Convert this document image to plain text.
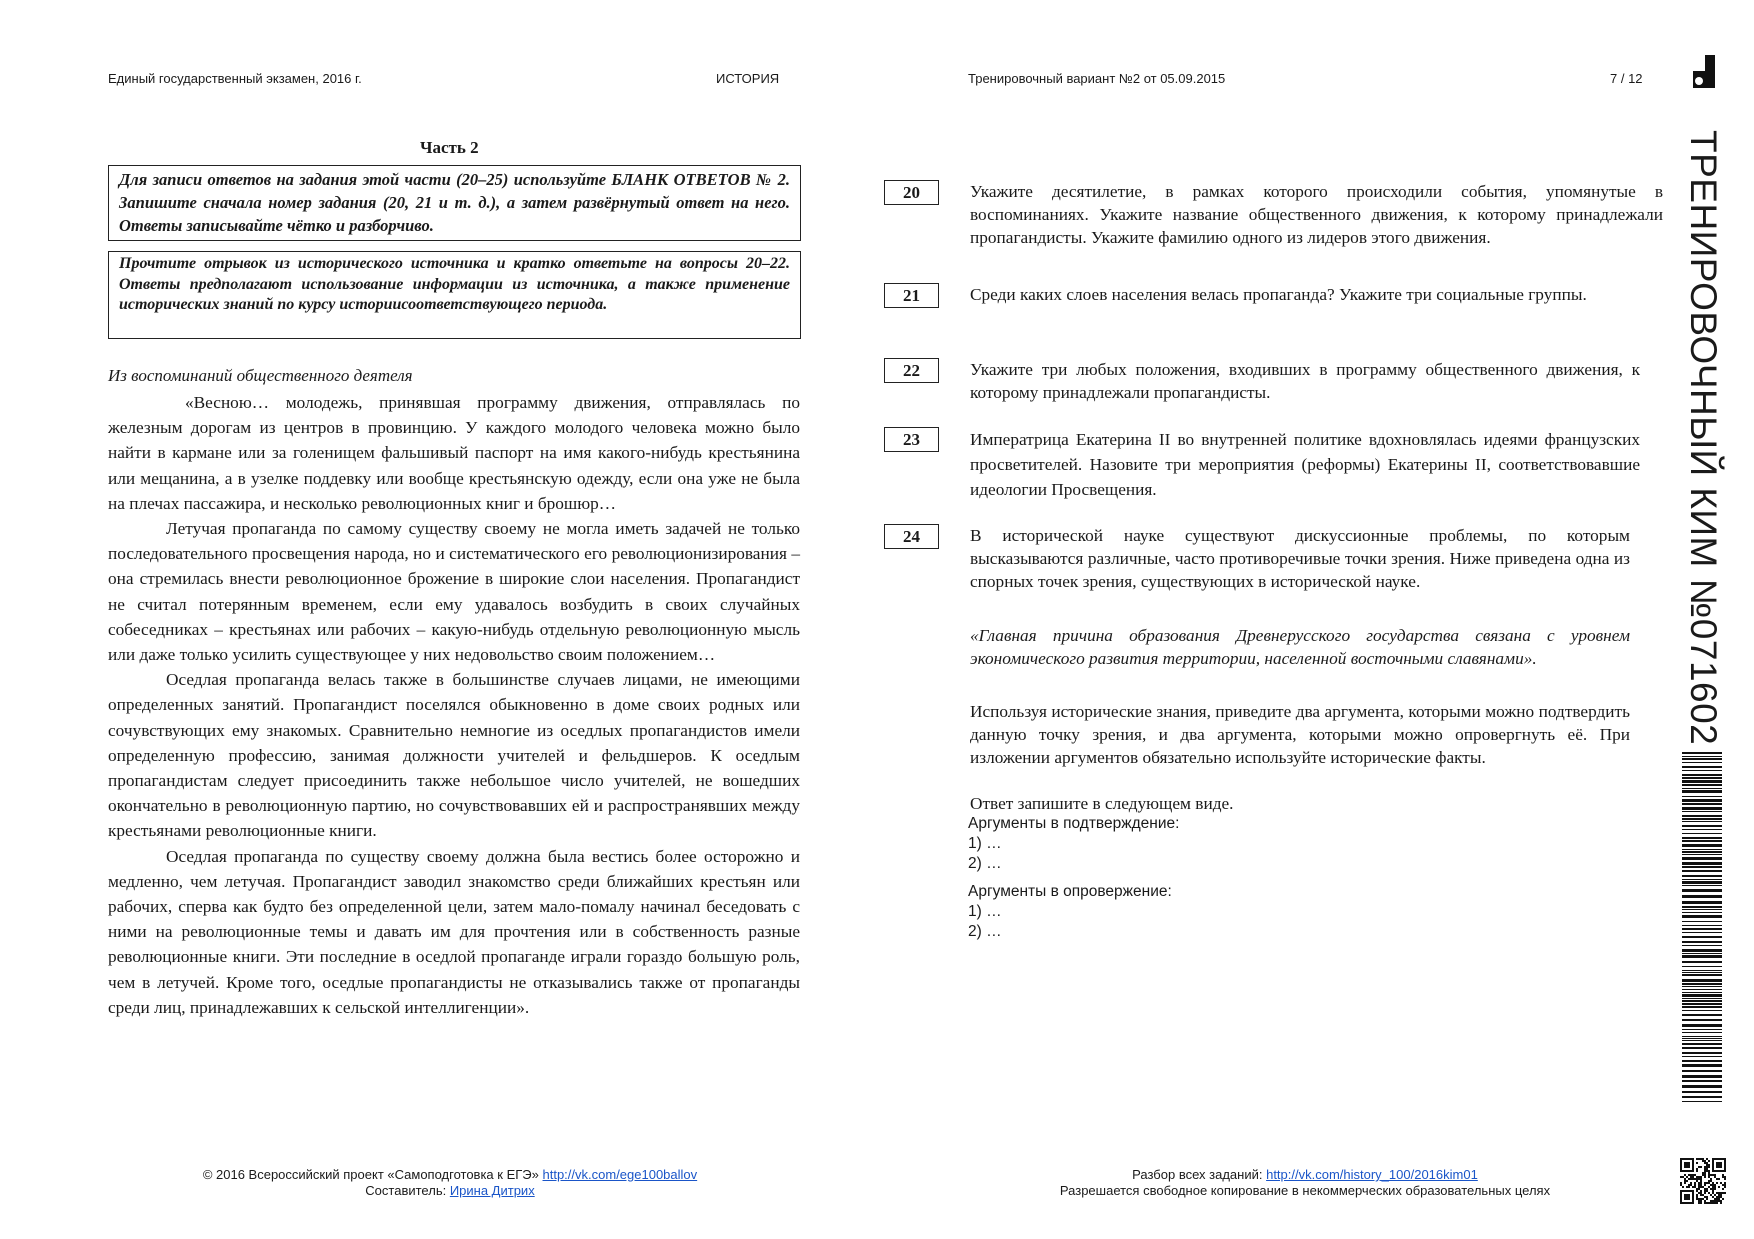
Единый государственный экзамен, 2016 г.	ИСТОРИЯ	Тренировочный вариант №2 от 05.09.2015	7 / 12
Часть 2
Для записи ответов на задания этой части (20–25) используйте БЛАНК ОТВЕТОВ № 2. Запишите сначала номер задания (20, 21 и т. д.), а затем развёрнутый ответ на него. Ответы записывайте чётко и разборчиво.
Прочтите отрывок из исторического источника и кратко ответьте на вопросы 20–22. Ответы предполагают использование информации из источника, а также применение исторических знаний по курсу историисоответствующего периода.
Из воспоминаний общественного деятеля

«Весною… молодежь, принявшая программу движения, отправлялась по железным дорогам из центров в провинцию. У каждого молодого человека можно было найти в кармане или за голенищем фальшивый паспорт на имя какого-нибудь крестьянина или мещанина, а в узелке поддевку или вообще крестьянскую одежду, если она уже не была на плечах пассажира, и несколько революционных книг и брошюр…

Летучая пропаганда по самому существу своему не могла иметь задачей не только последовательного просвещения народа, но и систематического его революционизирования – она стремилась внести революционное брожение в широкие слои населения. Пропагандист не считал потерянным временем, если ему удавалось возбудить в своих случайных собеседниках – крестьянах или рабочих – какую-нибудь отдельную революционную мысль или даже только усилить существующее у них недовольство своим положением…

Оседлая пропаганда велась также в большинстве случаев лицами, не имеющими определенных занятий. Пропагандист поселялся обыкновенно в доме своих родных или сочувствующих ему знакомых. Сравнительно немногие из оседлых пропагандистов имели определенную профессию, занимая должности учителей и фельдшеров. К оседлым пропагандистам следует присоединить также небольшое число учителей, не вошедших окончательно в революционную партию, но сочувствовавших ей и распространявших между крестьянами революционные книги.

Оседлая пропаганда по существу своему должна была вестись более осторожно и медленно, чем летучая. Пропагандист заводил знакомство среди ближайших крестьян или рабочих, сперва как будто без определенной цели, затем мало-помалу начинал беседовать с ними на революционные темы и давать им для прочтения или в собственность разные революционные книги. Эти последние в оседлой пропаганде играли гораздо большую роль, чем в летучей. Кроме того, оседлые пропагандисты не отказывались также от пропаганды среди лиц, принадлежавших к сельской интеллигенции».

20	Укажите десятилетие, в рамках которого происходили события, упомянутые в воспоминаниях. Укажите название общественного движения, к которому принадлежали пропагандисты. Укажите фамилию одного из лидеров этого движения.
21	Среди каких слоев населения велась пропаганда? Укажите три социальные группы.
22	Укажите три любых положения, входивших в программу общественного движения, к которому принадлежали пропагандисты.
23	Императрица Екатерина II во внутренней политике вдохновлялась идеями французских просветителей. Назовите три мероприятия (реформы) Екатерины II, соответствовавшие идеологии Просвещения.
24	В исторической науке существуют дискуссионные проблемы, по которым высказываются различные, часто противоречивые точки зрения. Ниже приведена одна из спорных точек зрения, существующих в исторической науке.
«Главная причина образования Древнерусского государства связана с уровнем экономического развития территории, населенной восточными славянами».
Используя исторические знания, приведите два аргумента, которыми можно подтвердить данную точку зрения, и два аргумента, которыми можно опровергнуть её. При изложении аргументов обязательно используйте исторические факты.
Ответ запишите в следующем виде.
Аргументы в подтверждение:
1) …
2) …
Аргументы в опровержение:
1) …
2) …
© 2016 Всероссийский проект «Самоподготовка к ЕГЭ» http://vk.com/ege100ballov
Составитель: Ирина Дитрих
Разбор всех заданий: http://vk.com/history_100/2016kim01
Разрешается свободное копирование в некоммерческих образовательных целях
ТРЕНИРОВОЧНЫЙ КИМ №071602
